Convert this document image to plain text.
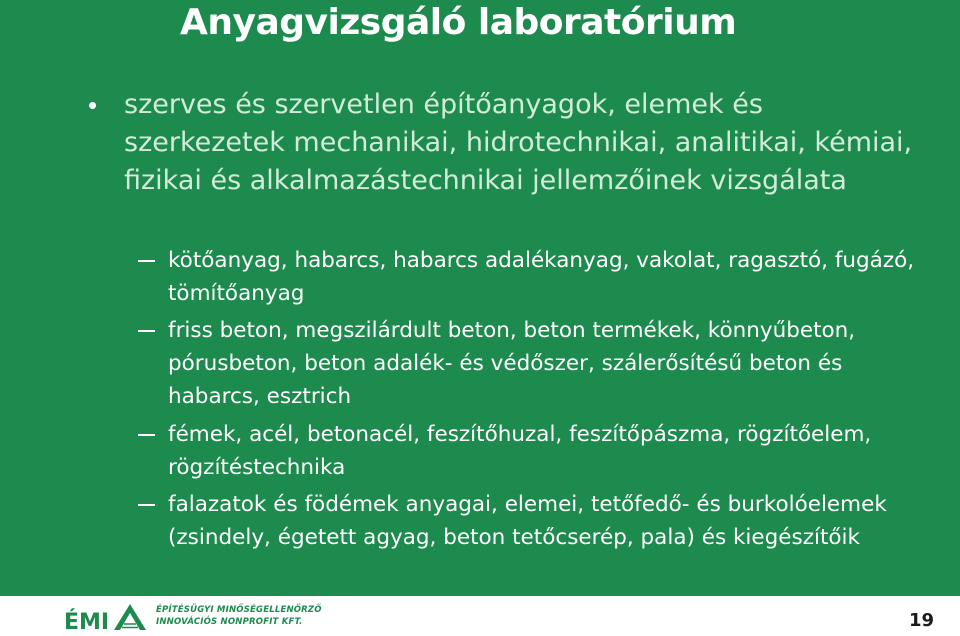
Anyagvizsgáló laboratórium
• szerves és szervetlen építőanyagok, elemek és szerkezetek mechanikai, hidrotechnikai, analitikai, kémiai, fizikai és alkalmazástechnikai jellemzőinek vizsgálata
kötőanyag, habarcs, habarcs adalékanyag, vakolat, ragasztó, fugázó, tömítőanyag
friss beton, megszilárdult beton, beton termékek, könnyűbeton, pórusbeton, beton adalék- és védőszer, szálerősítésű beton és habarcs, esztrich
fémek, acél, betonacél, feszítőhuzal, feszítőpászma, rögzítőelem, rögzítéstechnika
falazatok és födémek anyagai, elemei, tetőfedő- és burkolóelemek (zsindely, égetett agyag, beton tetőcserép, pala) és kiegészítőik
ÉMI	ÉPÍTÉSÜGYI MINŐSÉGELLENŐRZŐ
INNOVÁCIÓS NONPROFIT KFT.	19
